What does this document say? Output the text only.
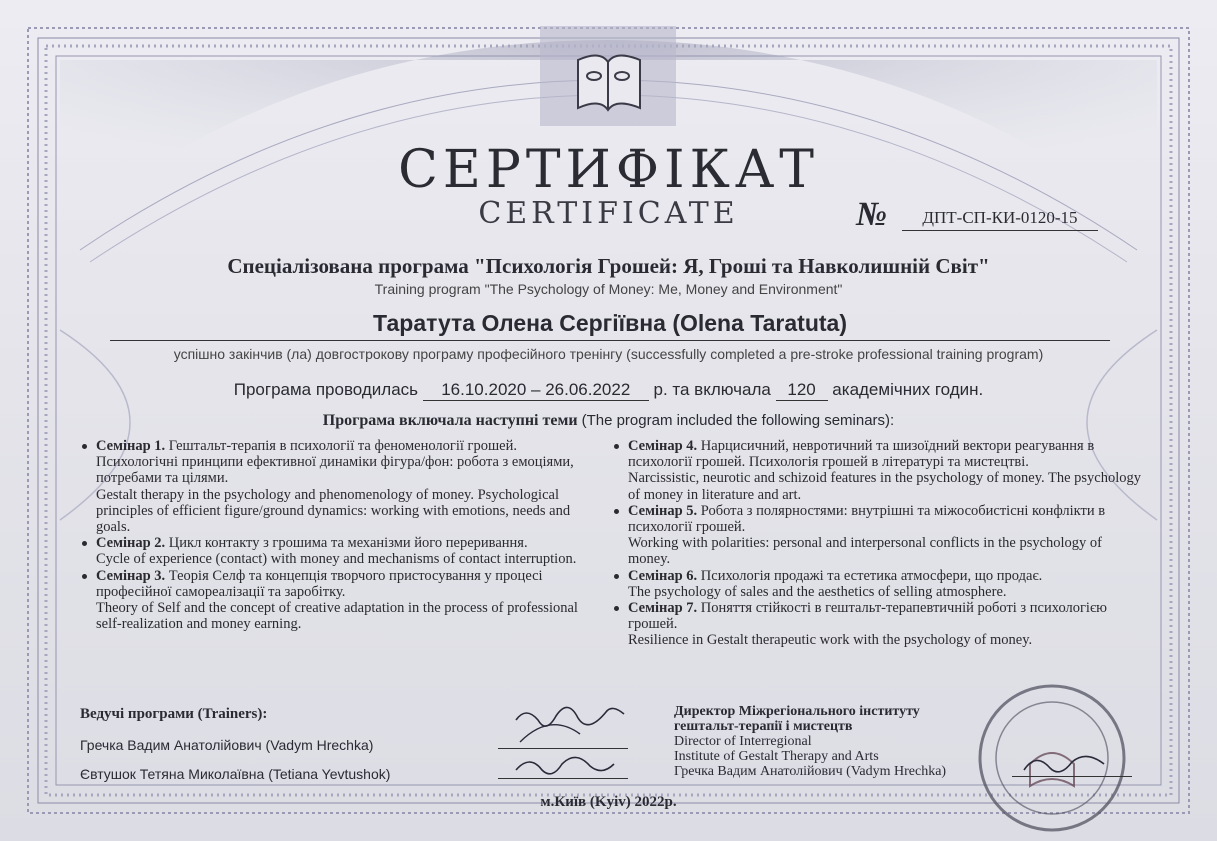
СЕРТИФІКАТ
CERTIFICATE	№	ДПТ-СП-КИ-0120-15
Спеціалізована програма "Психологія Грошей: Я, Гроші та Навколишній Світ"
Training program "The Psychology of Money: Me, Money and Environment"
Таратута Олена Сергіївна (Olena Taratuta)
успішно закінчив (ла) довгострокову програму професійного тренінгу (successfully completed a pre-stroke professional training program)
Програма проводилась 16.10.2020 – 26.06.2022 р. та включала 120 академічних годин.
Програма включала наступні теми (The program included the following seminars):
Семінар 1. Гештальт-терапія в психології та феноменології грошей. Психологічні принципи ефективної динаміки фігура/фон: робота з емоціями, потребами та цілями.
Gestalt therapy in the psychology and phenomenology of money. Psychological principles of efficient figure/ground dynamics: working with emotions, needs and goals.
Семінар 2. Цикл контакту з грошима та механізми його переривання.
Cycle of experience (contact) with money and mechanisms of contact interruption.
Семінар 3. Теорія Селф та концепція творчого пристосування у процесі професійної самореалізації та заробітку.
Theory of Self and the concept of creative adaptation in the process of professional self-realization and money earning.
Семінар 4. Нарцисичний, невротичний та шизоїдний вектори реагування в психології грошей. Психологія грошей в літературі та мистецтві.
Narcissistic, neurotic and schizoid features in the psychology of money. The psychology of money in literature and art.
Семінар 5. Робота з полярностями: внутрішні та міжособистісні конфлікти в психології грошей.
Working with polarities: personal and interpersonal conflicts in the psychology of money.
Семінар 6. Психологія продажі та естетика атмосфери, що продає.
The psychology of sales and the aesthetics of selling atmosphere.
Семінар 7. Поняття стійкості в гештальт-терапевтичній роботі з психологією грошей.
Resilience in Gestalt therapeutic work with the psychology of money.
Ведучі програми (Trainers):
Гречка Вадим Анатолійович (Vadym Hrechka)
Євтушок Тетяна Миколаївна (Tetiana Yevtushok)
Директор Міжрегіонального інституту
гештальт-терапії і мистецтв
Director of Interregional
Institute of Gestalt Therapy and Arts
Гречка Вадим Анатолійович (Vadym Hrechka)
м.Київ (Kyiv) 2022р.
